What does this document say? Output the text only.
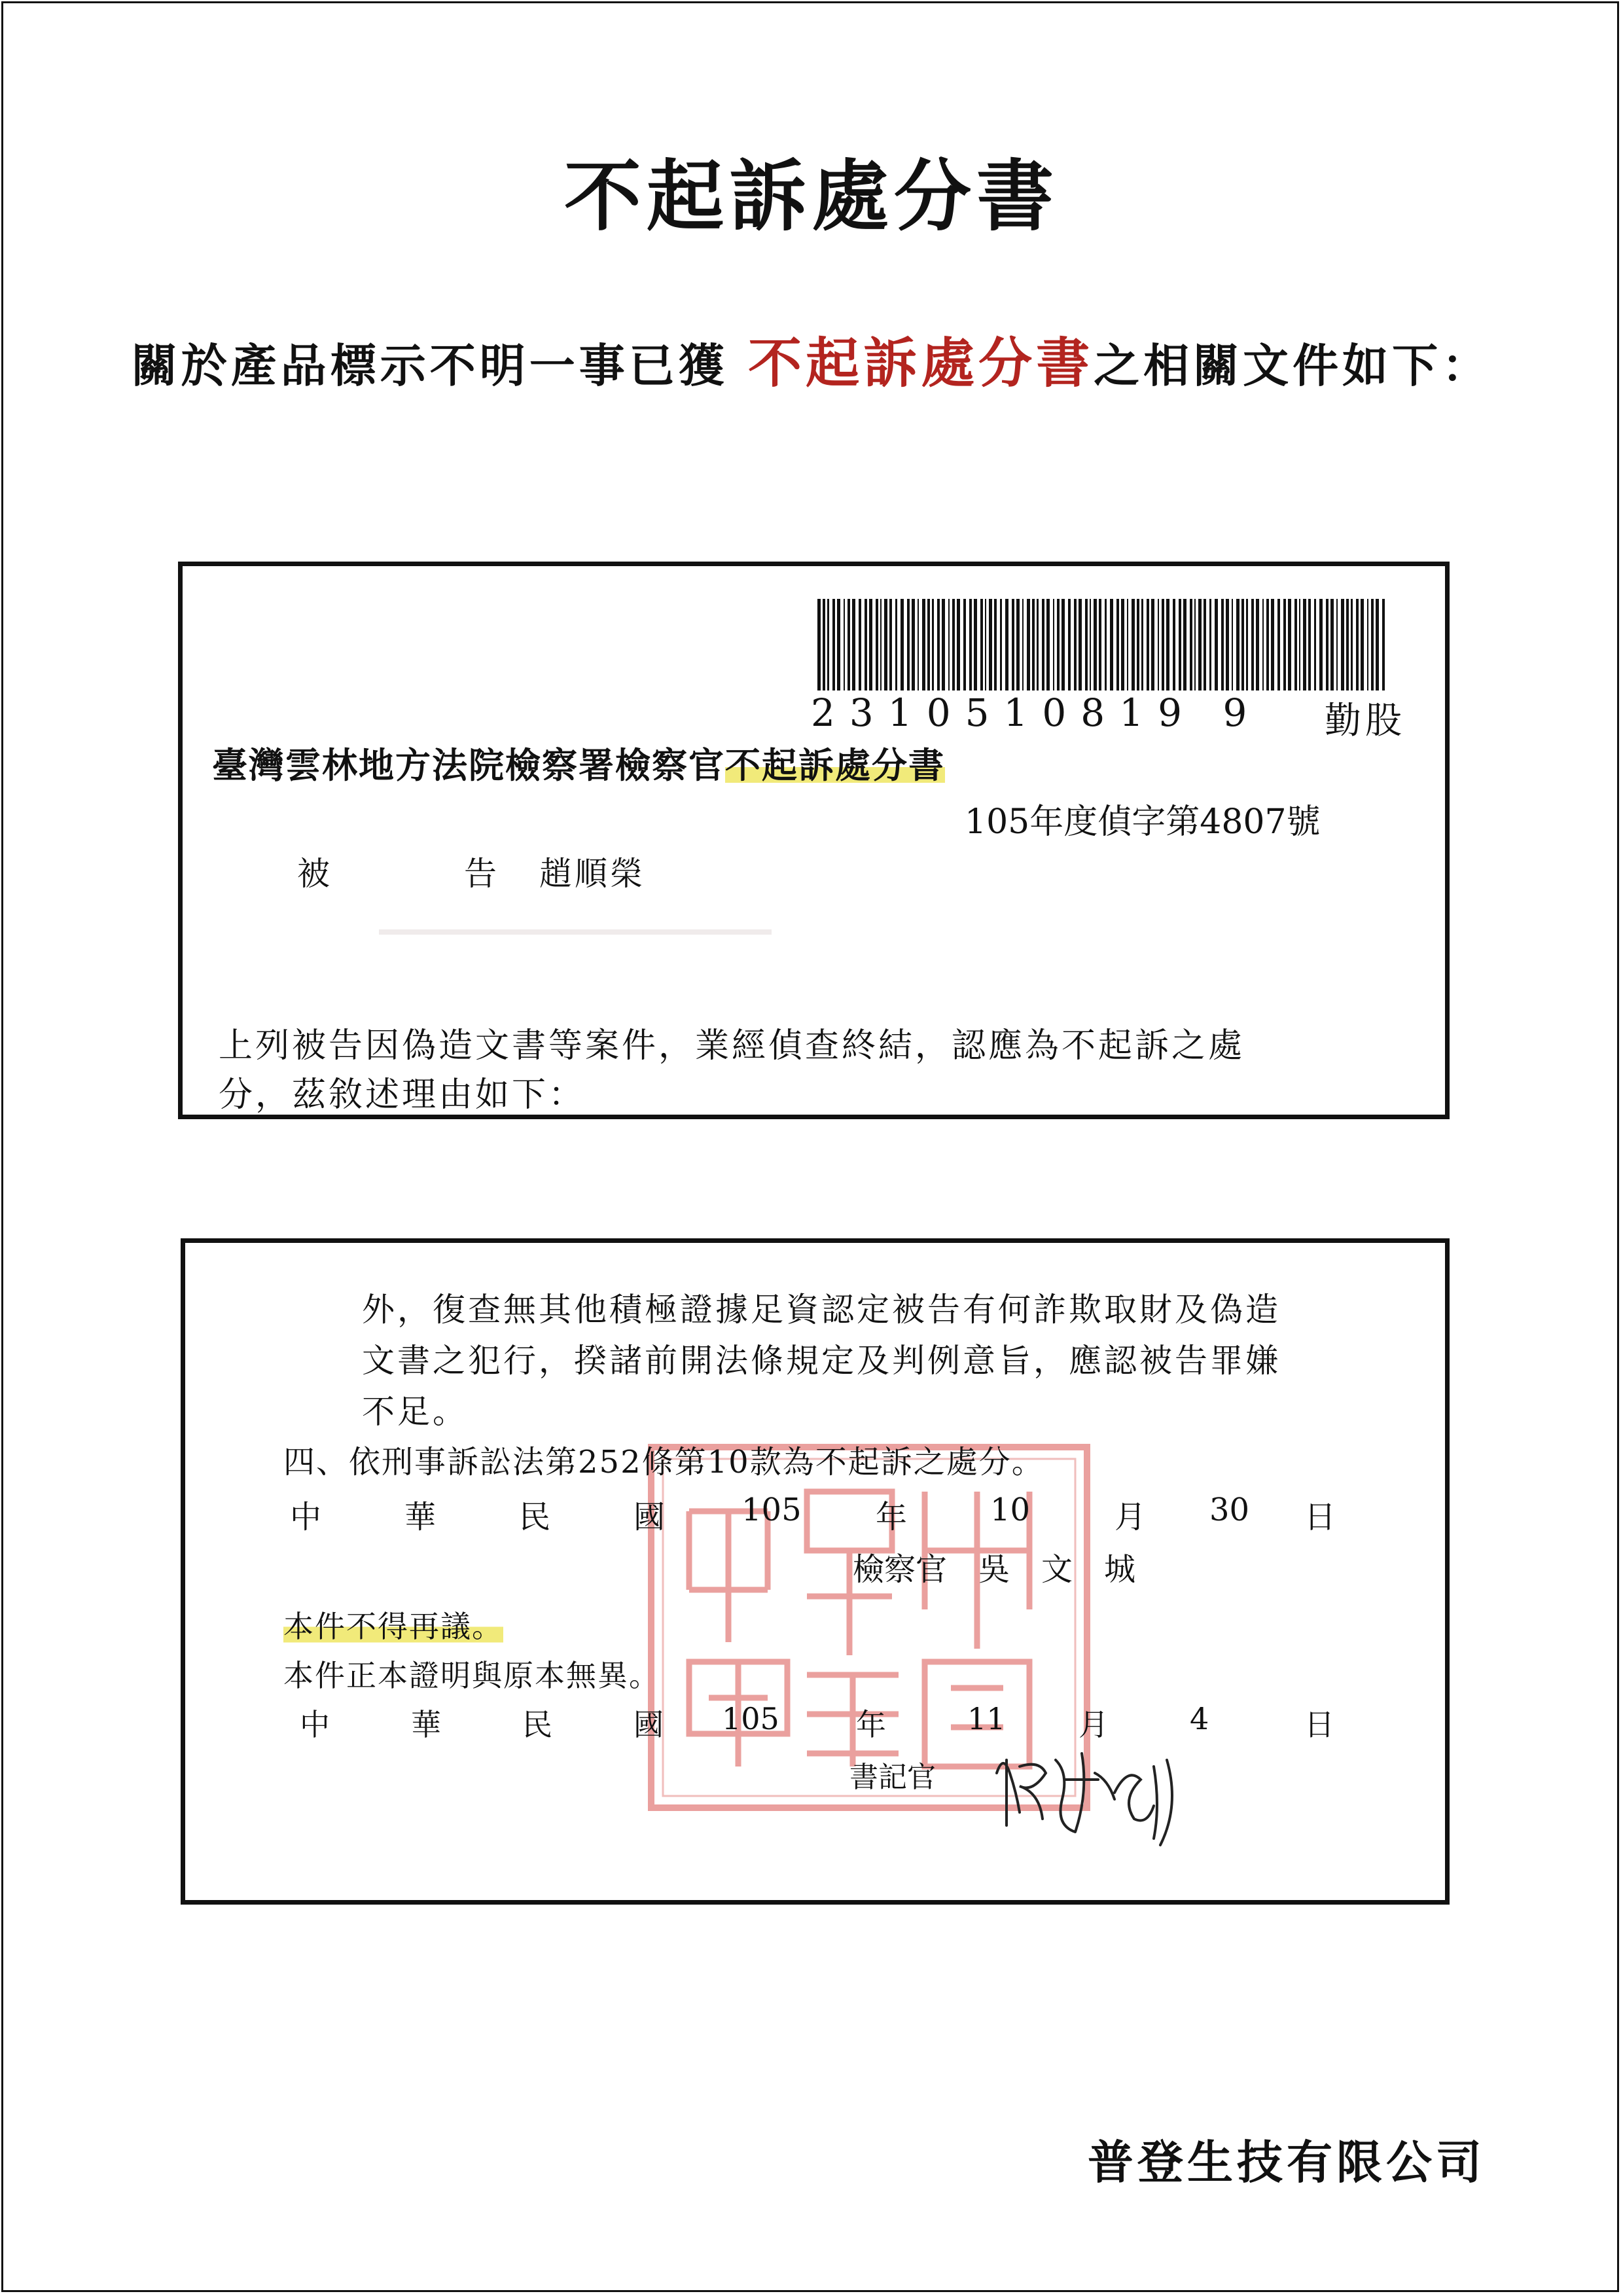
不起訴處分書
關於產品標示不明一事已獲 不起訴處分書之相關文件如下：
2310510819 9 勤股
臺灣雲林地方法院檢察署檢察官不起訴處分書
105年度偵字第4807號
被	告 趙順榮
上列被告因偽造文書等案件，業經偵查終結，認應為不起訴之處
分，茲敘述理由如下：
外，復查無其他積極證據足資認定被告有何詐欺取財及偽造
文書之犯行，揆諸前開法條規定及判例意旨，應認被告罪嫌
不足。
四、依刑事訴訟法第252條第10款為不起訴之處分。
中	華	民	國 105 年	10	月 30 日
檢察官　吳　文　城
本件不得再議。
本件正本證明與原本無異。
中	華	民	國 105	年	11 月	4	日
書記官
普登生技有限公司
